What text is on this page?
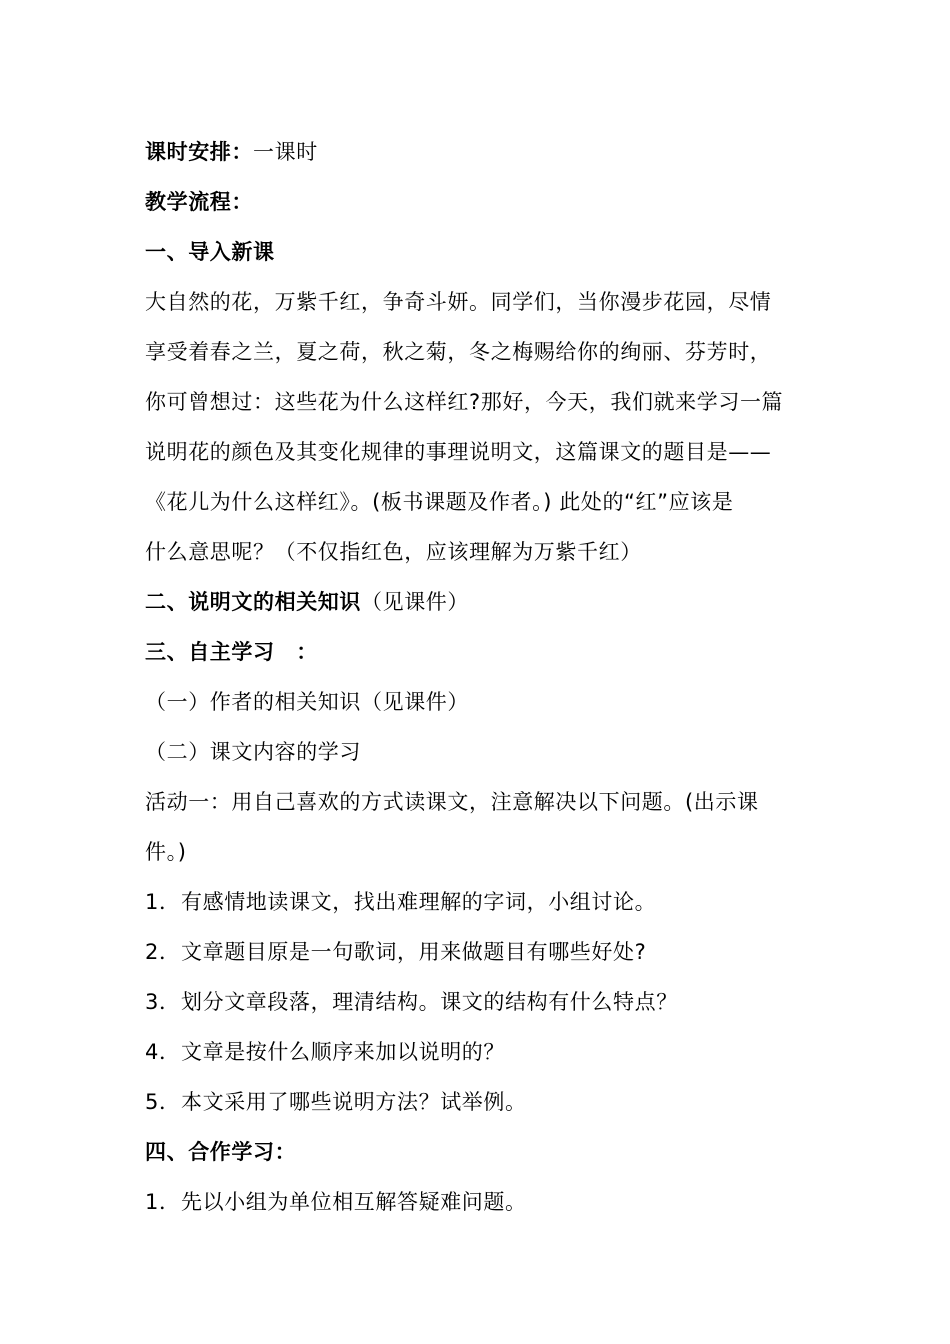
课时安排：一课时
教学流程：
一、导入新课
大自然的花，万紫千红，争奇斗妍。同学们，当你漫步花园，尽情
享受着春之兰，夏之荷，秋之菊，冬之梅赐给你的绚丽、芬芳时，
你可曾想过：这些花为什么这样红?那好，今天，我们就来学习一篇
说明花的颜色及其变化规律的事理说明文，这篇课文的题目是——
《花儿为什么这样红》。(板书课题及作者。) 此处的“红”应该是
什么意思呢？（不仅指红色，应该理解为万紫千红）
二、说明文的相关知识（见课件）
三、自主学习　：
（一）作者的相关知识（见课件）
（二）课文内容的学习
活动一：用自己喜欢的方式读课文，注意解决以下问题。(出示课
件。)
1．有感情地读课文，找出难理解的字词，小组讨论。
2．文章题目原是一句歌词，用来做题目有哪些好处?
3．划分文章段落，理清结构。课文的结构有什么特点？
4．文章是按什么顺序来加以说明的？
5．本文采用了哪些说明方法？试举例。
四、合作学习：
1．先以小组为单位相互解答疑难问题。
